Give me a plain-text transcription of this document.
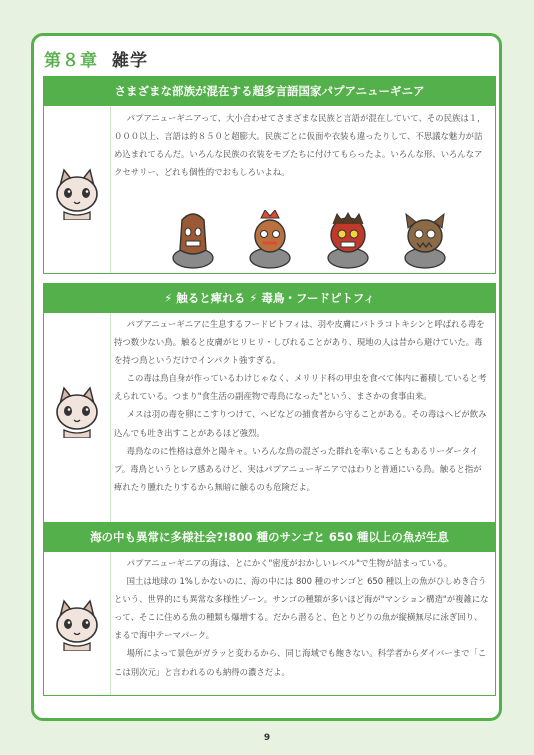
第８章 雑学
さまざまな部族が混在する超多言語国家パプアニューギニア

パプアニューギニアって、大小合わせてさまざまな民族と言語が混在していて、その民族は１，０００以上、言語は約８５０と超膨大。民族ごとに仮面や衣装も違ったりして、不思議な魅力が詰め込まれてるんだ。いろんな民族の衣装をモブたちに付けてもらったよ。いろんな形、いろんなアクセサリー、どれも個性的でおもしろいよね。

⚡ 触ると痺れる ⚡ 毒鳥・フードピトフィ

パプアニューギニアに生息するフードピトフィは、羽や皮膚にバトラコトキシンと呼ばれる毒を持つ数少ない鳥。触ると皮膚がヒリヒリ・しびれることがあり、現地の人は昔から避けていた。毒を持つ鳥というだけでインパクト強すぎる。

この毒は鳥自身が作っているわけじゃなく、メリリド科の甲虫を食べて体内に蓄積していると考えられている。つまり"食生活の副産物で毒鳥になった"という、まさかの食事由来。

メスは羽の毒を卵にこすりつけて、ヘビなどの捕食者から守ることがある。その毒はヘビが飲み込んでも吐き出すことがあるほど強烈。

毒鳥なのに性格は意外と陽キャ。いろんな鳥の混ざった群れを率いることもあるリーダータイプ。毒鳥というとレア感あるけど、実はパプアニューギニアではわりと普通にいる鳥。触ると指が痺れたり腫れたりするから無暗に触るのも危険だよ。

海の中も異常に多様社会?!800 種のサンゴと 650 種以上の魚が生息

パプアニューギニアの海は、とにかく"密度がおかしいレベル"で生物が詰まっている。

国土は地球の 1%しかないのに、海の中には 800 種のサンゴと 650 種以上の魚がひしめき合うという、世界的にも異常な多様性ゾーン。サンゴの種類が多いほど海が"マンション構造"が複雑になって、そこに住める魚の種類も爆増する。だから潜ると、色とりどりの魚が縦横無尽に泳ぎ回り、まるで海中テーマパーク。

場所によって景色がガラッと変わるから、同じ海域でも飽きない。科学者からダイバーまで「ここは別次元」と言われるのも納得の濃さだよ。

9
